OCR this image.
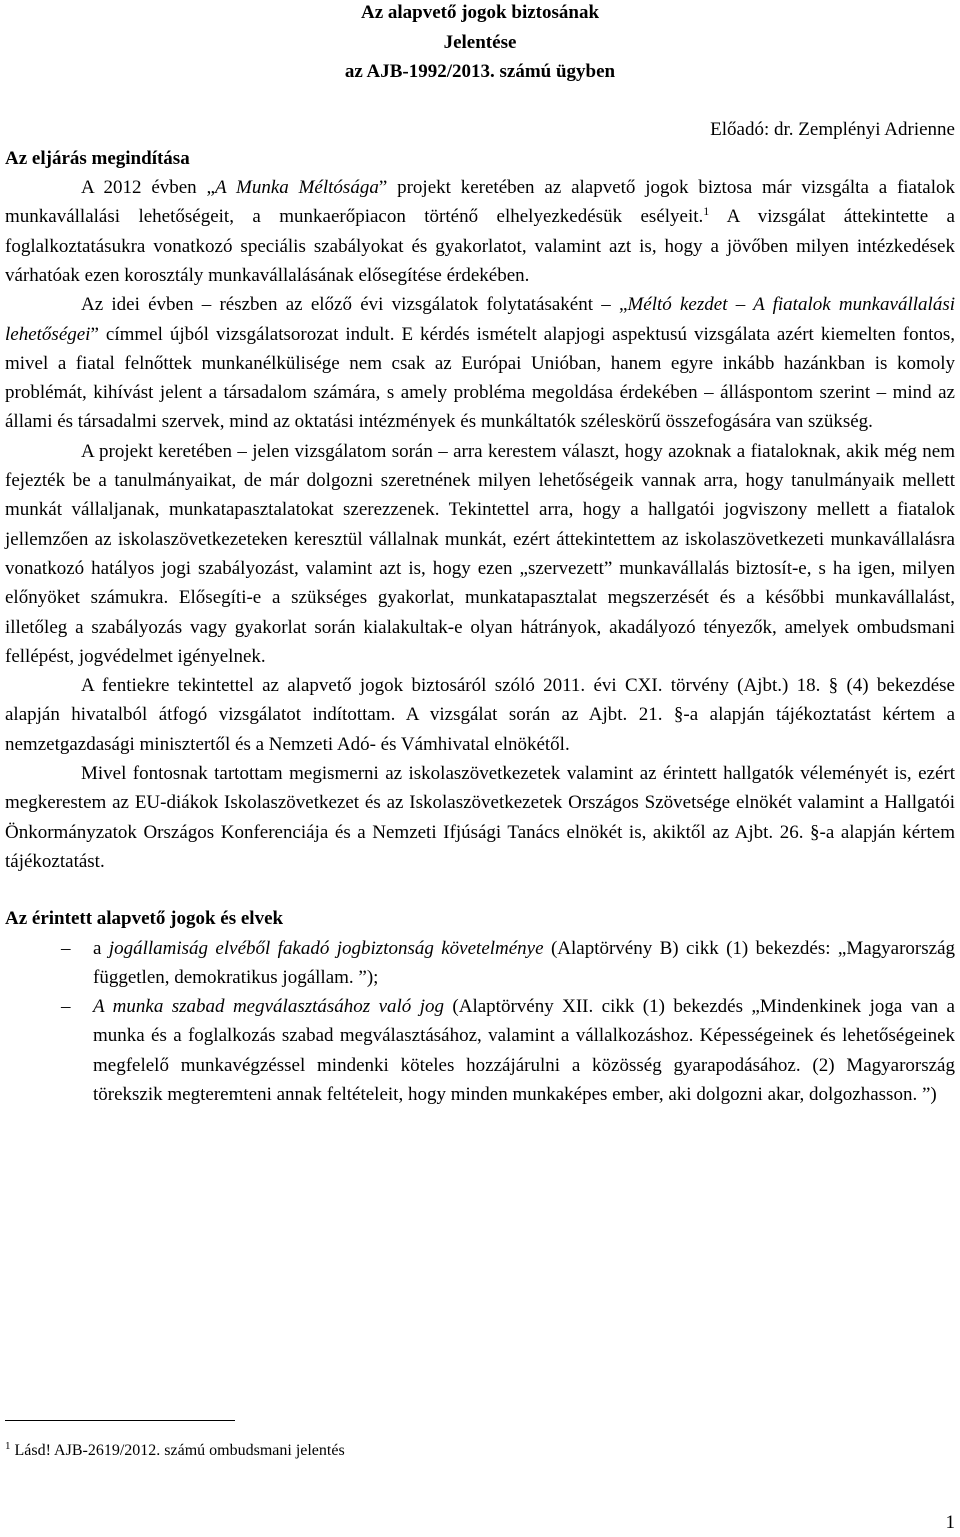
Az alapvető jogok biztosának

Jelentése

az AJB-1992/2013. számú ügyben

Előadó: dr. Zemplényi Adrienne

Az eljárás megindítása

A 2012 évben „A Munka Méltósága” projekt keretében az alapvető jogok biztosa már vizsgálta a fiatalok munkavállalási lehetőségeit, a munkaerőpiacon történő elhelyezkedésük esélyeit.$^1$ A vizsgálat áttekintette a foglalkoztatásukra vonatkozó speciális szabályokat és gyakorlatot, valamint azt is, hogy a jövőben milyen intézkedések várhatóak ezen korosztály munkavállalásának elősegítése érdekében.

Az idei évben – részben az előző évi vizsgálatok folytatásaként – „Méltó kezdet – A fiatalok munkavállalási lehetőségei” címmel újból vizsgálatsorozat indult. E kérdés ismételt alapjogi aspektusú vizsgálata azért kiemelten fontos, mivel a fiatal felnőttek munkanélkülisége nem csak az Európai Unióban, hanem egyre inkább hazánkban is komoly problémát, kihívást jelent a társadalom számára, s amely probléma megoldása érdekében – álláspontom szerint – mind az állami és társadalmi szervek, mind az oktatási intézmények és munkáltatók széleskörű összefogására van szükség.

A projekt keretében – jelen vizsgálatom során – arra kerestem választ, hogy azoknak a fiataloknak, akik még nem fejezték be a tanulmányaikat, de már dolgozni szeretnének milyen lehetőségeik vannak arra, hogy tanulmányaik mellett munkát vállaljanak, munkatapasztalatokat szerezzenek. Tekintettel arra, hogy a hallgatói jogviszony mellett a fiatalok jellemzően az iskolaszövetkezeteken keresztül vállalnak munkát, ezért áttekintettem az iskolaszövetkezeti munkavállalásra vonatkozó hatályos jogi szabályozást, valamint azt is, hogy ezen „szervezett” munkavállalás biztosít-e, s ha igen, milyen előnyöket számukra. Elősegíti-e a szükséges gyakorlat, munkatapasztalat megszerzését és a későbbi munkavállalást, illetőleg a szabályozás vagy gyakorlat során kialakultak-e olyan hátrányok, akadályozó tényezők, amelyek ombudsmani fellépést, jogvédelmet igényelnek.

A fentiekre tekintettel az alapvető jogok biztosáról szóló 2011. évi CXI. törvény (Ajbt.) 18. § (4) bekezdése alapján hivatalból átfogó vizsgálatot indítottam. A vizsgálat során az Ajbt. 21. §-a alapján tájékoztatást kértem a nemzetgazdasági minisztertől és a Nemzeti Adó- és Vámhivatal elnökétől.

Mivel fontosnak tartottam megismerni az iskolaszövetkezetek valamint az érintett hallgatók véleményét is, ezért megkerestem az EU-diákok Iskolaszövetkezet és az Iskolaszövetkezetek Országos Szövetsége elnökét valamint a Hallgatói Önkormányzatok Országos Konferenciája és a Nemzeti Ifjúsági Tanács elnökét is, akiktől az Ajbt. 26. §-a alapján kértem tájékoztatást.

Az érintett alapvető jogok és elvek

– a jogállamiság elvéből fakadó jogbiztonság követelménye (Alaptörvény B) cikk (1) bekezdés: „Magyarország független, demokratikus jogállam. ”);
– A munka szabad megválasztásához való jog (Alaptörvény XII. cikk (1) bekezdés „Mindenkinek joga van a munka és a foglalkozás szabad megválasztásához, valamint a vállalkozáshoz. Képességeinek és lehetőségeinek megfelelő munkavégzéssel mindenki köteles hozzájárulni a közösség gyarapodásához. (2) Magyarország törekszik megteremteni annak feltételeit, hogy minden munkaképes ember, aki dolgozni akar, dolgozhasson. ”)
$^1$ Lásd! AJB-2619/2012. számú ombudsmani jelentés
1
